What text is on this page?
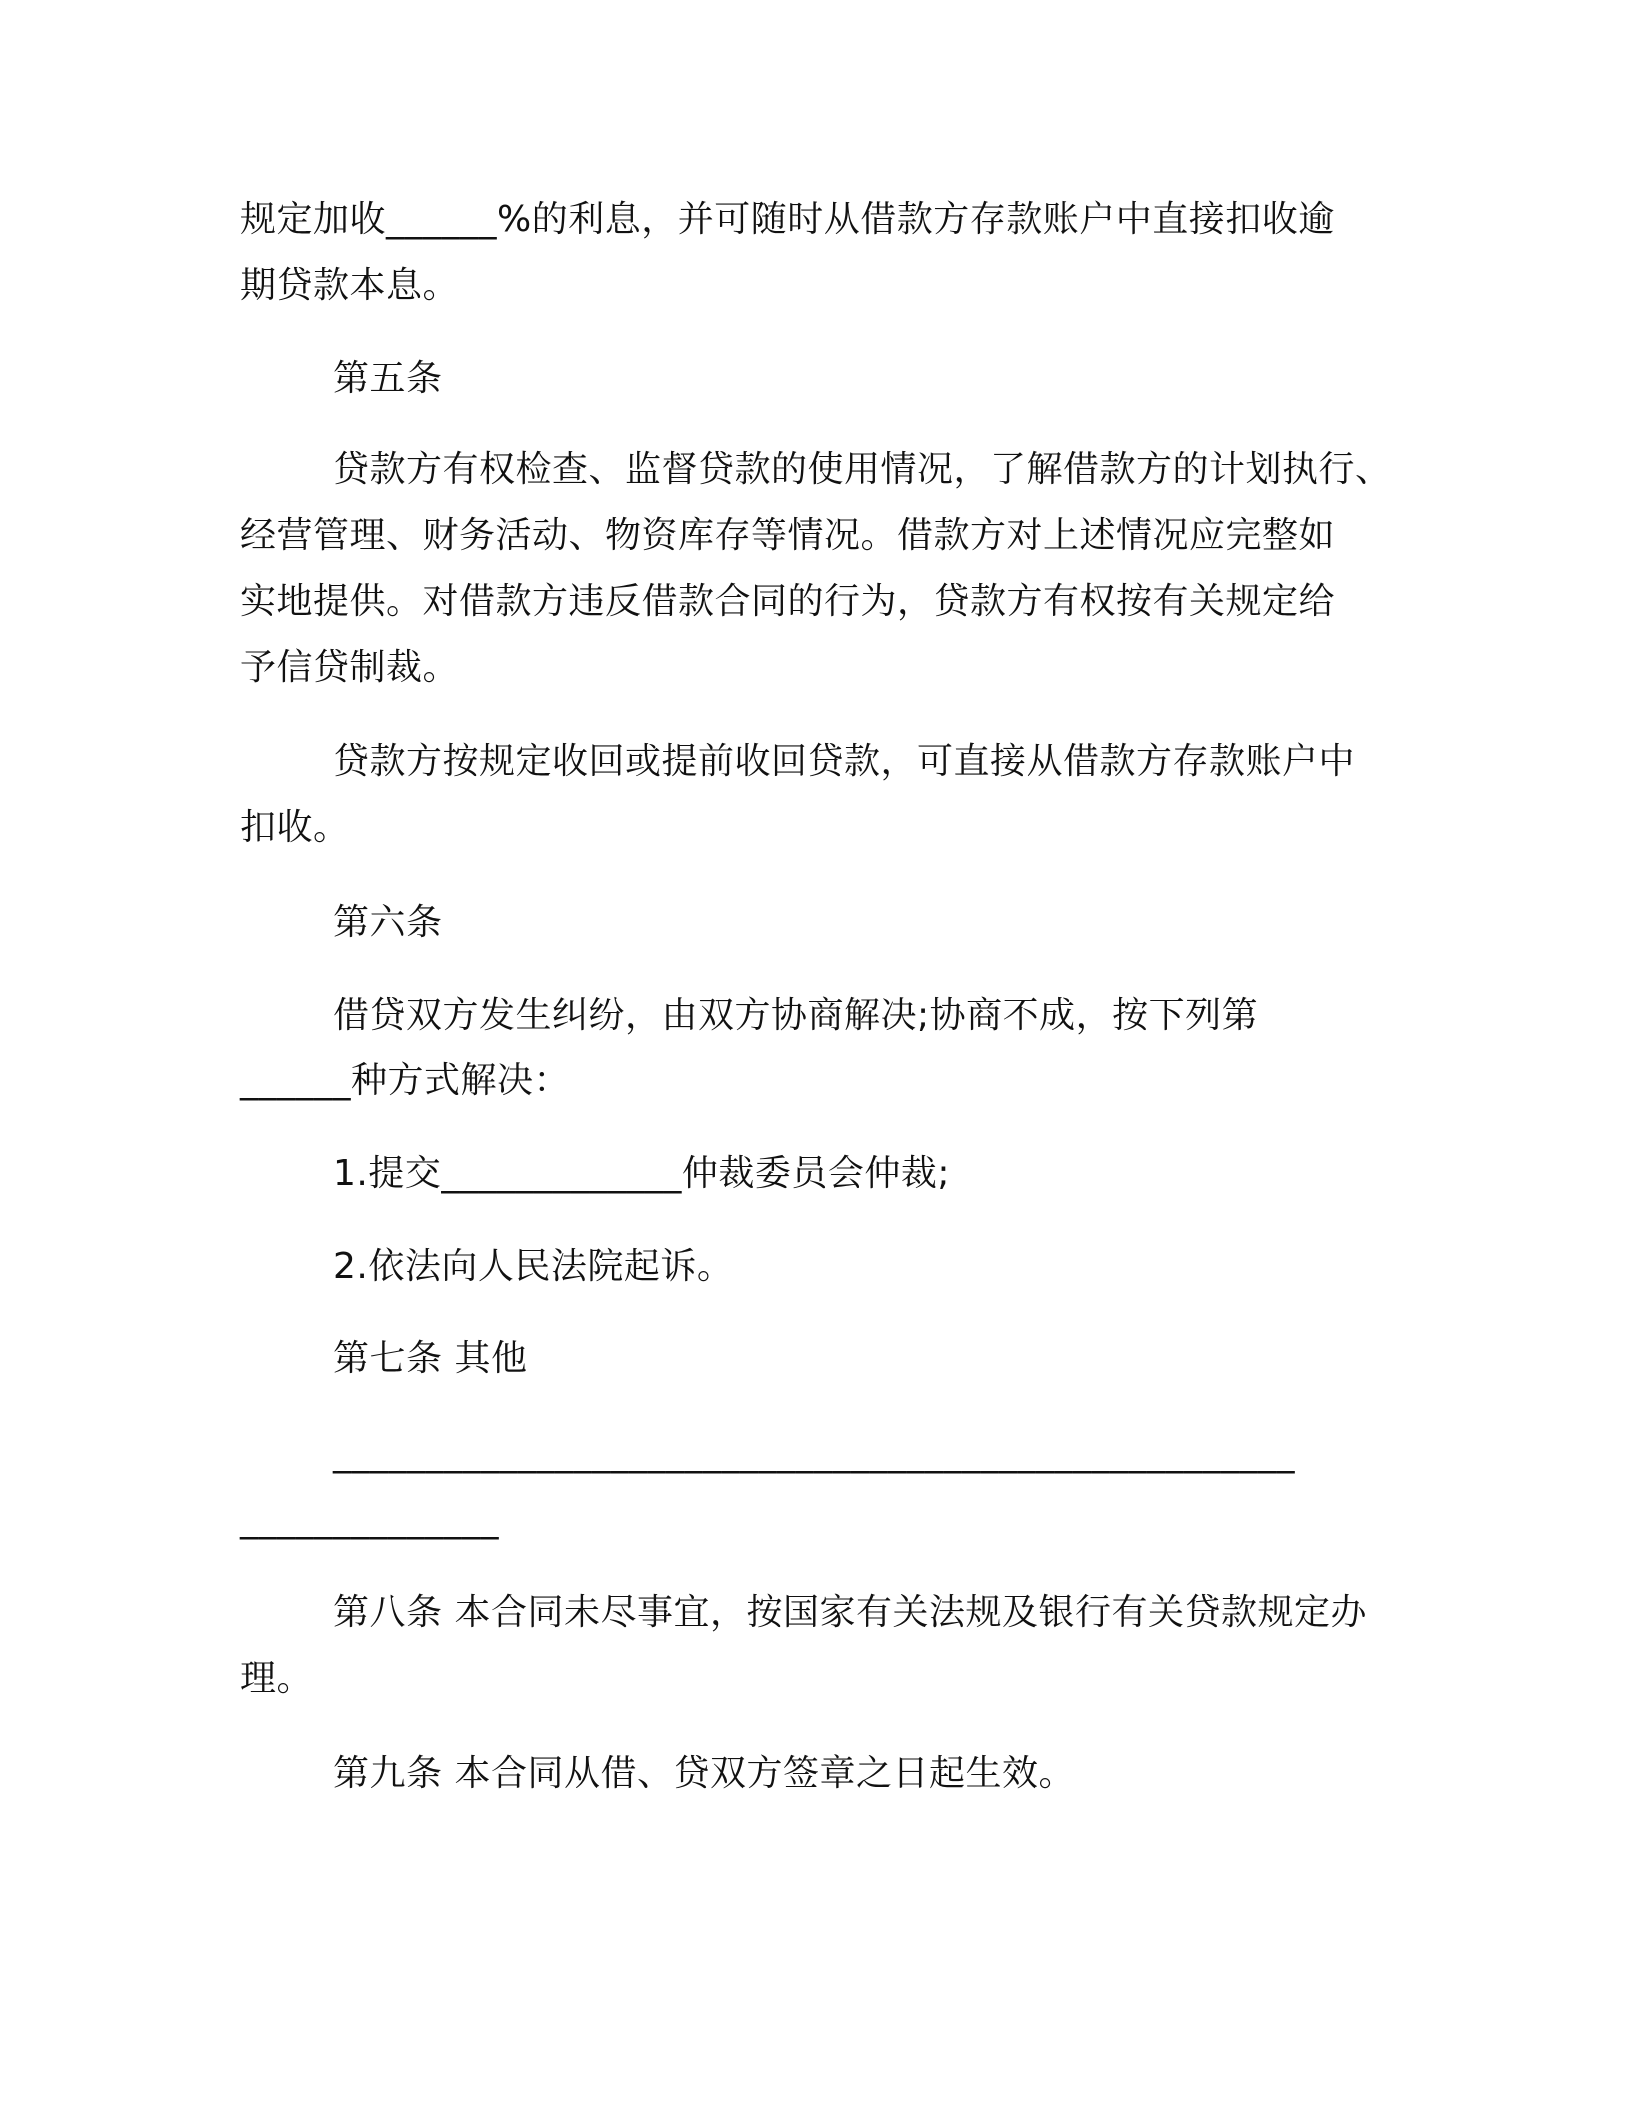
规定加收______%的利息，并可随时从借款方存款账户中直接扣收逾
期贷款本息。
第五条
贷款方有权检查、监督贷款的使用情况，了解借款方的计划执行、
经营管理、财务活动、物资库存等情况。借款方对上述情况应完整如
实地提供。对借款方违反借款合同的行为，贷款方有权按有关规定给
予信贷制裁。
贷款方按规定收回或提前收回贷款，可直接从借款方存款账户中
扣收。
第六条
借贷双方发生纠纷，由双方协商解决;协商不成，按下列第
______种方式解决：
1.提交_____________仲裁委员会仲裁;
2.依法向人民法院起诉。
第七条 其他
____________________________________________________
______________
第八条 本合同未尽事宜，按国家有关法规及银行有关贷款规定办
理。
第九条 本合同从借、贷双方签章之日起生效。
